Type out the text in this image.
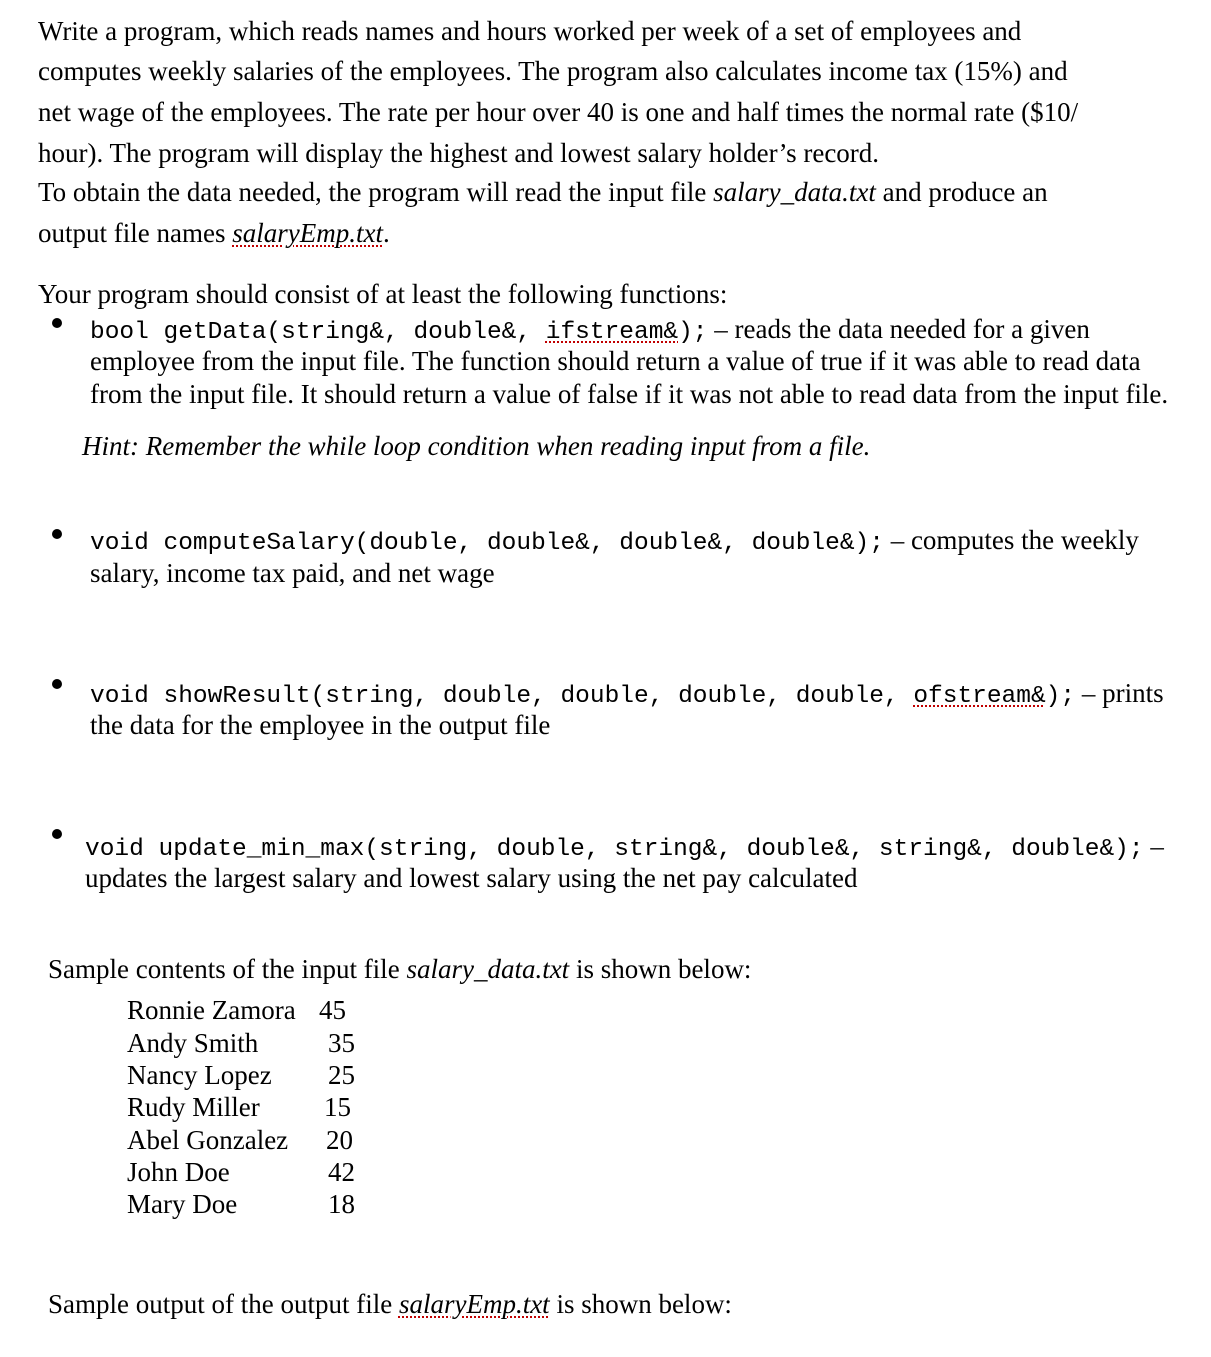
Write a program, which reads names and hours worked per week of a set of employees and
computes weekly salaries of the employees. The program also calculates income tax (15%) and
net wage of the employees. The rate per hour over 40 is one and half times the normal rate ($10/
hour). The program will display the highest and lowest salary holder’s record.
To obtain the data needed, the program will read the input file salary_data.txt and produce an
output file names salaryEmp.txt.
Your program should consist of at least the following functions:
bool getData(string&, double&, ifstream&); – reads the data needed for a given
employee from the input file. The function should return a value of true if it was able to read data
from the input file. It should return a value of false if it was not able to read data from the input file.
Hint: Remember the while loop condition when reading input from a file.
void computeSalary(double, double&, double&, double&); – computes the weekly
salary, income tax paid, and net wage
void showResult(string, double, double, double, double, ofstream&); – prints
the data for the employee in the output file
void update_min_max(string, double, string&, double&, string&, double&); –
updates the largest salary and lowest salary using the net pay calculated
Sample contents of the input file salary_data.txt is shown below:
Ronnie Zamora 45
Andy Smith	35
Nancy Lopez	25
Rudy Miller	15
Abel Gonzalez	20
John Doe	42
Mary Doe	18
Sample output of the output file salaryEmp.txt is shown below:
